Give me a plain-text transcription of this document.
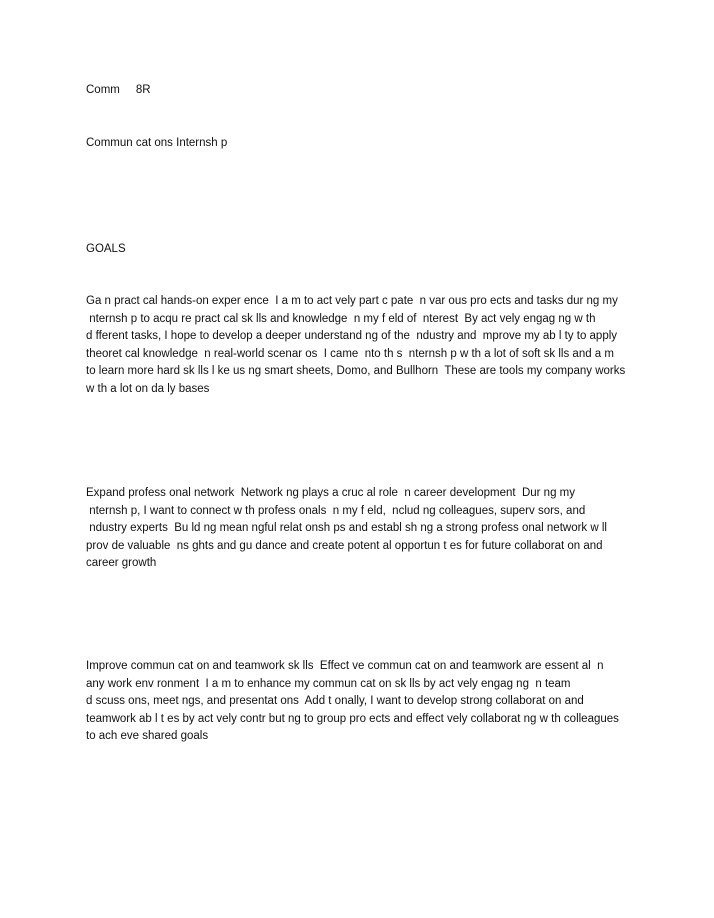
Comm     8R
Commun cat ons Internsh p
GOALS
Ga n pract cal hands-on exper ence  I a m to act vely part c pate  n var ous pro ects and tasks dur ng my
nternsh p to acqu re pract cal sk lls and knowledge  n my f eld of  nterest  By act vely engag ng w th
d fferent tasks, I hope to develop a deeper understand ng of the  ndustry and  mprove my ab l ty to apply
theoret cal knowledge  n real-world scenar os  I came  nto th s  nternsh p w th a lot of soft sk lls and a m
to learn more hard sk lls l ke us ng smart sheets, Domo, and Bullhorn  These are tools my company works
w th a lot on da ly bases
Expand profess onal network  Network ng plays a cruc al role  n career development  Dur ng my
nternsh p, I want to connect w th profess onals  n my f eld,  nclud ng colleagues, superv sors, and
ndustry experts  Bu ld ng mean ngful relat onsh ps and establ sh ng a strong profess onal network w ll
prov de valuable  ns ghts and gu dance and create potent al opportun t es for future collaborat on and
career growth
Improve commun cat on and teamwork sk lls  Effect ve commun cat on and teamwork are essent al  n
any work env ronment  I a m to enhance my commun cat on sk lls by act vely engag ng  n team
d scuss ons, meet ngs, and presentat ons  Add t onally, I want to develop strong collaborat on and
teamwork ab l t es by act vely contr but ng to group pro ects and effect vely collaborat ng w th colleagues
to ach eve shared goals
